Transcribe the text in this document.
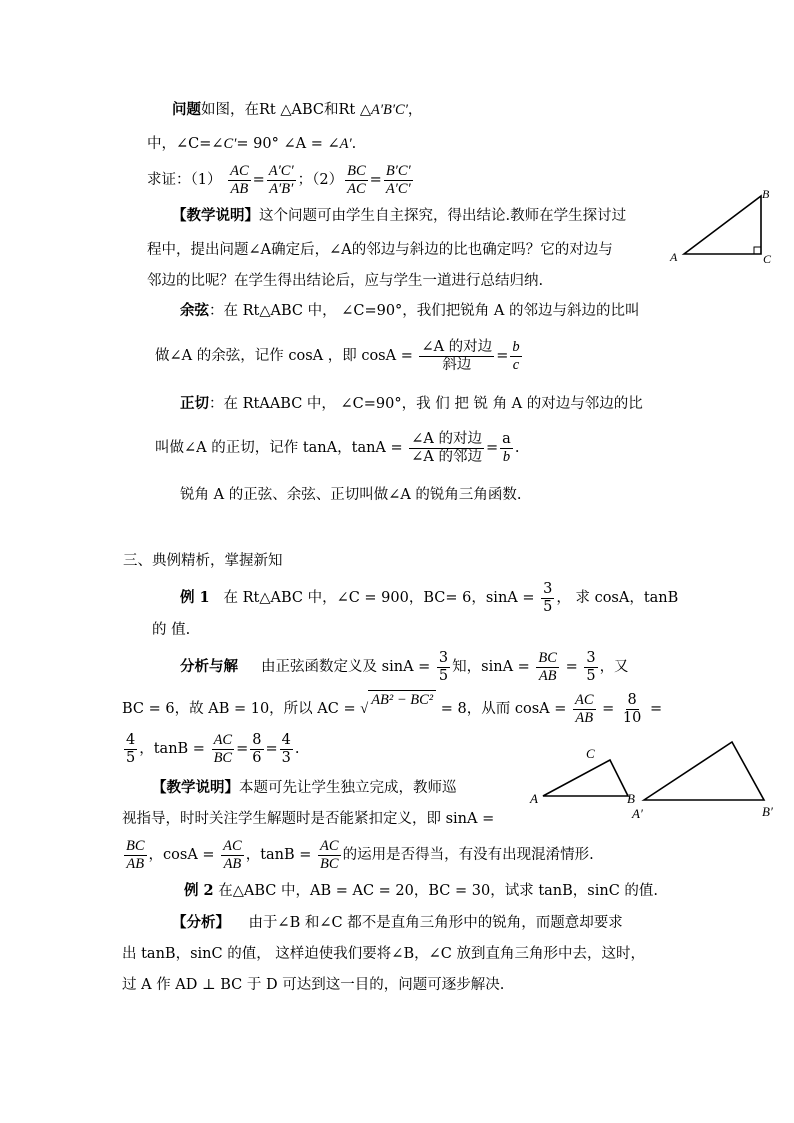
问题如图，在Rt △ABC和Rt △A′B′C′，
中，∠C=∠C′= 90° ∠A = ∠A′.
求证：$(1) \frac{AC}{AB} = \frac{A'C'}{A'B'}$ ；$(2) \frac{BC}{AC} = \frac{B'C'}{A'C'}$
A
B
C
【教学说明】这个问题可由学生自主探究，得出结论.教师在学生探讨过
程中，提出问题∠A确定后，∠A的邻边与斜边的比也确定吗？它的对边与
邻边的比呢？在学生得出结论后，应与学生一道进行总结归纳.
余弦：在 Rt△ABC 中， ∠C=90°，我们把锐角 A 的邻边与斜边的比叫
做∠A 的余弦，记作 cosA ，即 $\cos A = \frac{\text{∠A 的对边}}{\text{斜边}} = \frac{b}{c}$
正切：在 RtAABC 中， ∠C=90°，我 们 把 锐 角 A 的对边与邻边的比
叫做∠A 的正切，记作 tanA，$\tan A = \frac{\text{∠A 的对边}}{\text{∠A 的邻边}} = \frac{a}{b}$ .
锐角 A 的正弦、余弦、正切叫做∠A 的锐角三角函数.
三、典例精析，掌握新知
例 1 在 Rt△ABC 中，∠C = 900，BC= 6，$\sin A = \frac{3}{5}$ ， 求 cosA，tanB
的 值.
分析与解 由正弦函数定义及 $\sin A = \frac{3}{5}$ 知，$\sin A = \frac{BC}{AB} = \frac{3}{5}$ ，又
BC = 6，故 AB = 10，所以 AC = √
AB² − BC²
= 8，从而 $\cos A = \frac{AC}{AB} = \frac{8}{10}$ =
$\frac{4}{5}$ ，$\tan B = \frac{AC}{BC} = \frac{8}{6} = \frac{4}{3}$ .
A
C
B
A′	B′
【教学说明】本题可先让学生独立完成，教师巡
视指导，时时关注学生解题时是否能紧扣定义，即 sinA =
$\frac{BC}{AB}$ ，$\cos A = \frac{AC}{AB}$ ，$\tan B = \frac{AC}{BC}$ 的运用是否得当，有没有出现混淆情形.
例 2 在△ABC 中，AB = AC = 20，BC = 30，试求 tanB，sinC 的值.
【分析】 由于∠B 和∠C 都不是直角三角形中的锐角，而题意却要求
出 tanB，sinC 的值， 这样迫使我们要将∠B，∠C 放到直角三角形中去，这时，
过 A 作 AD ⊥ BC 于 D 可达到这一目的，问题可逐步解决.
